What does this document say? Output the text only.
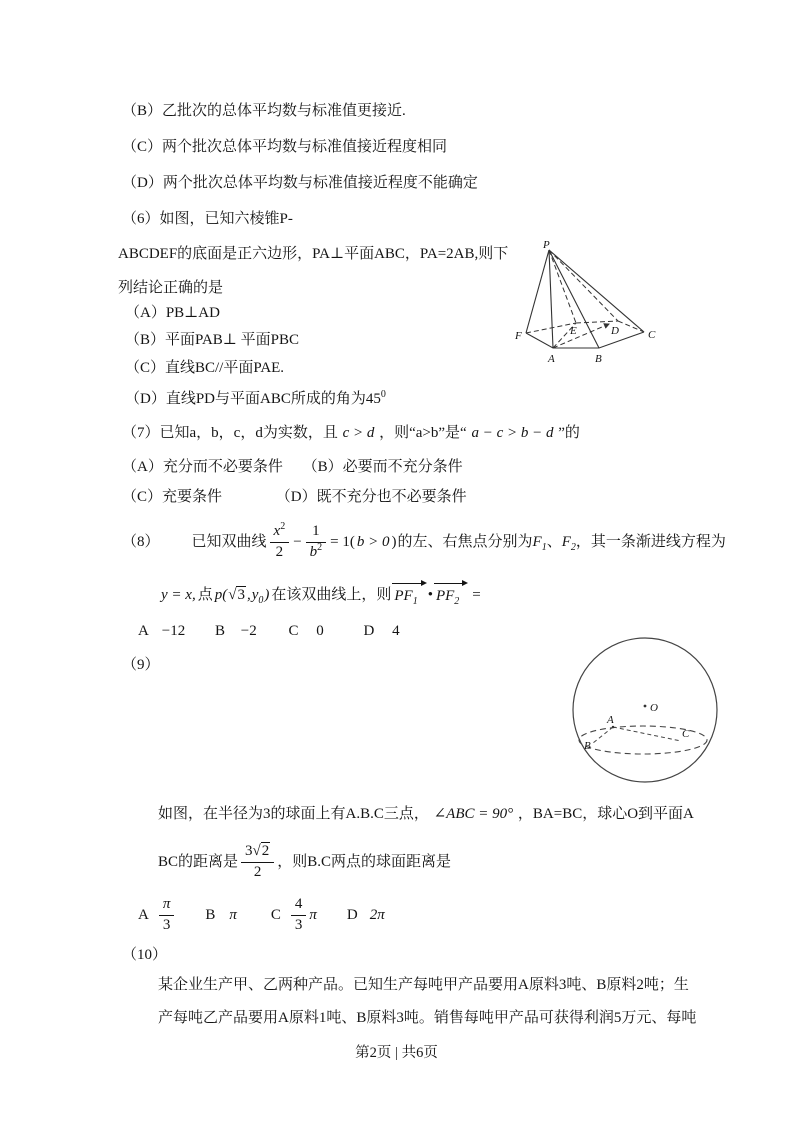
（B）乙批次的总体平均数与标准值更接近.
（C）两个批次总体平均数与标准值接近程度相同
（D）两个批次总体平均数与标准值接近程度不能确定
（6）如图，已知六棱锥P-
ABCDEF的底面是正六边形，PA⊥平面ABC，PA=2AB,则下
列结论正确的是
（A）PB⊥AD
（B）平面PAB⊥ 平面PBC
（C）直线BC//平面PAE.
（D）直线PD与平面ABC所成的角为$45^0$
P
F
A	B
C
E	D
（7）已知a，b，c，d为实数，且 c > d ，则“a>b”是“ a − c > b − d ”的
（A）充分而不必要条件 （B）必要而不充分条件
（C）充要条件	（D）既不充分也不必要条件
（8） 已知双曲线 $\frac{x^2}{2} - \frac{1}{b^2} = 1$( b > 0 ) 的左、右焦点分别为 $F_1$ 、 $F_2$ ，其一条渐进线方程为
y = x, 点 p( √3 , $y_0$ ) 在该双曲线上，则 $PF_1$ • $PF_2$ =
A −12 B −2 C 0	D 4
（9）
O
A
B
C
如图，在半径为3的球面上有A.B.C三点， ∠ABC = 90° ，BA=BC，球心O到平面A
BC的距离是 $\frac{3√2}{2}$ ，则B.C两点的球面距离是
A $\frac{\pi}{3}$ B π C $\frac{4}{3}$ π D 2π
（10）
某企业生产甲、乙两种产品。已知生产每吨甲产品要用A原料3吨、B原料2吨；生
产每吨乙产品要用A原料1吨、B原料3吨。销售每吨甲产品可获得利润5万元、每吨
第2页 | 共6页
